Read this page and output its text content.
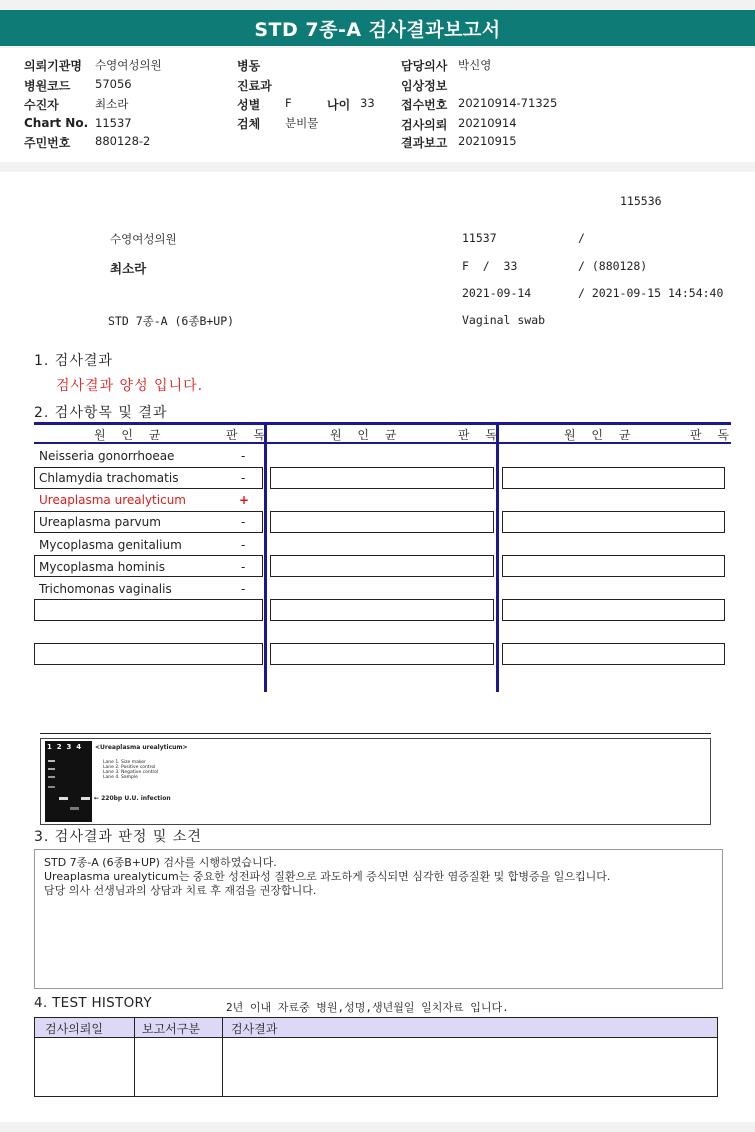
STD 7종-A 검사결과보고서
의뢰기관명 수영여성의원
병원코드 57056
수진자	최소라
Chart No. 11537
주민번호 880128-2
병동
진료과
성별 F	나이 33
검체 분비물
담당의사 박신영
임상정보
접수번호 20210914-71325
검사의뢰 20210914
결과보고 20210915
115536
수영여성의원	11537	/
최소라	F  /  33	/ (880128)
2021-09-14	/ 2021-09-15 14:54:40
STD 7종-A (6종B+UP)	Vaginal swab
1. 검사결과
검사결과 양성 입니다.
2. 검사항목 및 결과
원 인 균	판 독	원 인 균	판 독	원 인 균	판 독
Neisseria gonorrhoeae	-
Chlamydia trachomatis	-
Ureaplasma urealyticum	+
Ureaplasma parvum	-
Mycoplasma genitalium	-
Mycoplasma hominis	-
Trichomonas vaginalis	-
1  2  3  4 <Ureaplasma urealyticum>
Lane 1. Size maker
Lane 2. Positive control
Lane 3. Negative control
Lane 4. Sample
← 220bp U.U. infection
3. 검사결과 판정 및 소견
STD 7종-A (6종B+UP) 검사를 시행하였습니다.
Ureaplasma urealyticum는 중요한 성전파성 질환으로 과도하게 증식되면 심각한 염증질환 및 합병증을 일으킵니다.
담당 의사 선생님과의 상담과 치료 후 재검을 권장합니다.
4. TEST HISTORY	2년 이내 자료중 병원,성명,생년월일 일치자료 입니다.
검사의뢰일	보고서구분	검사결과
